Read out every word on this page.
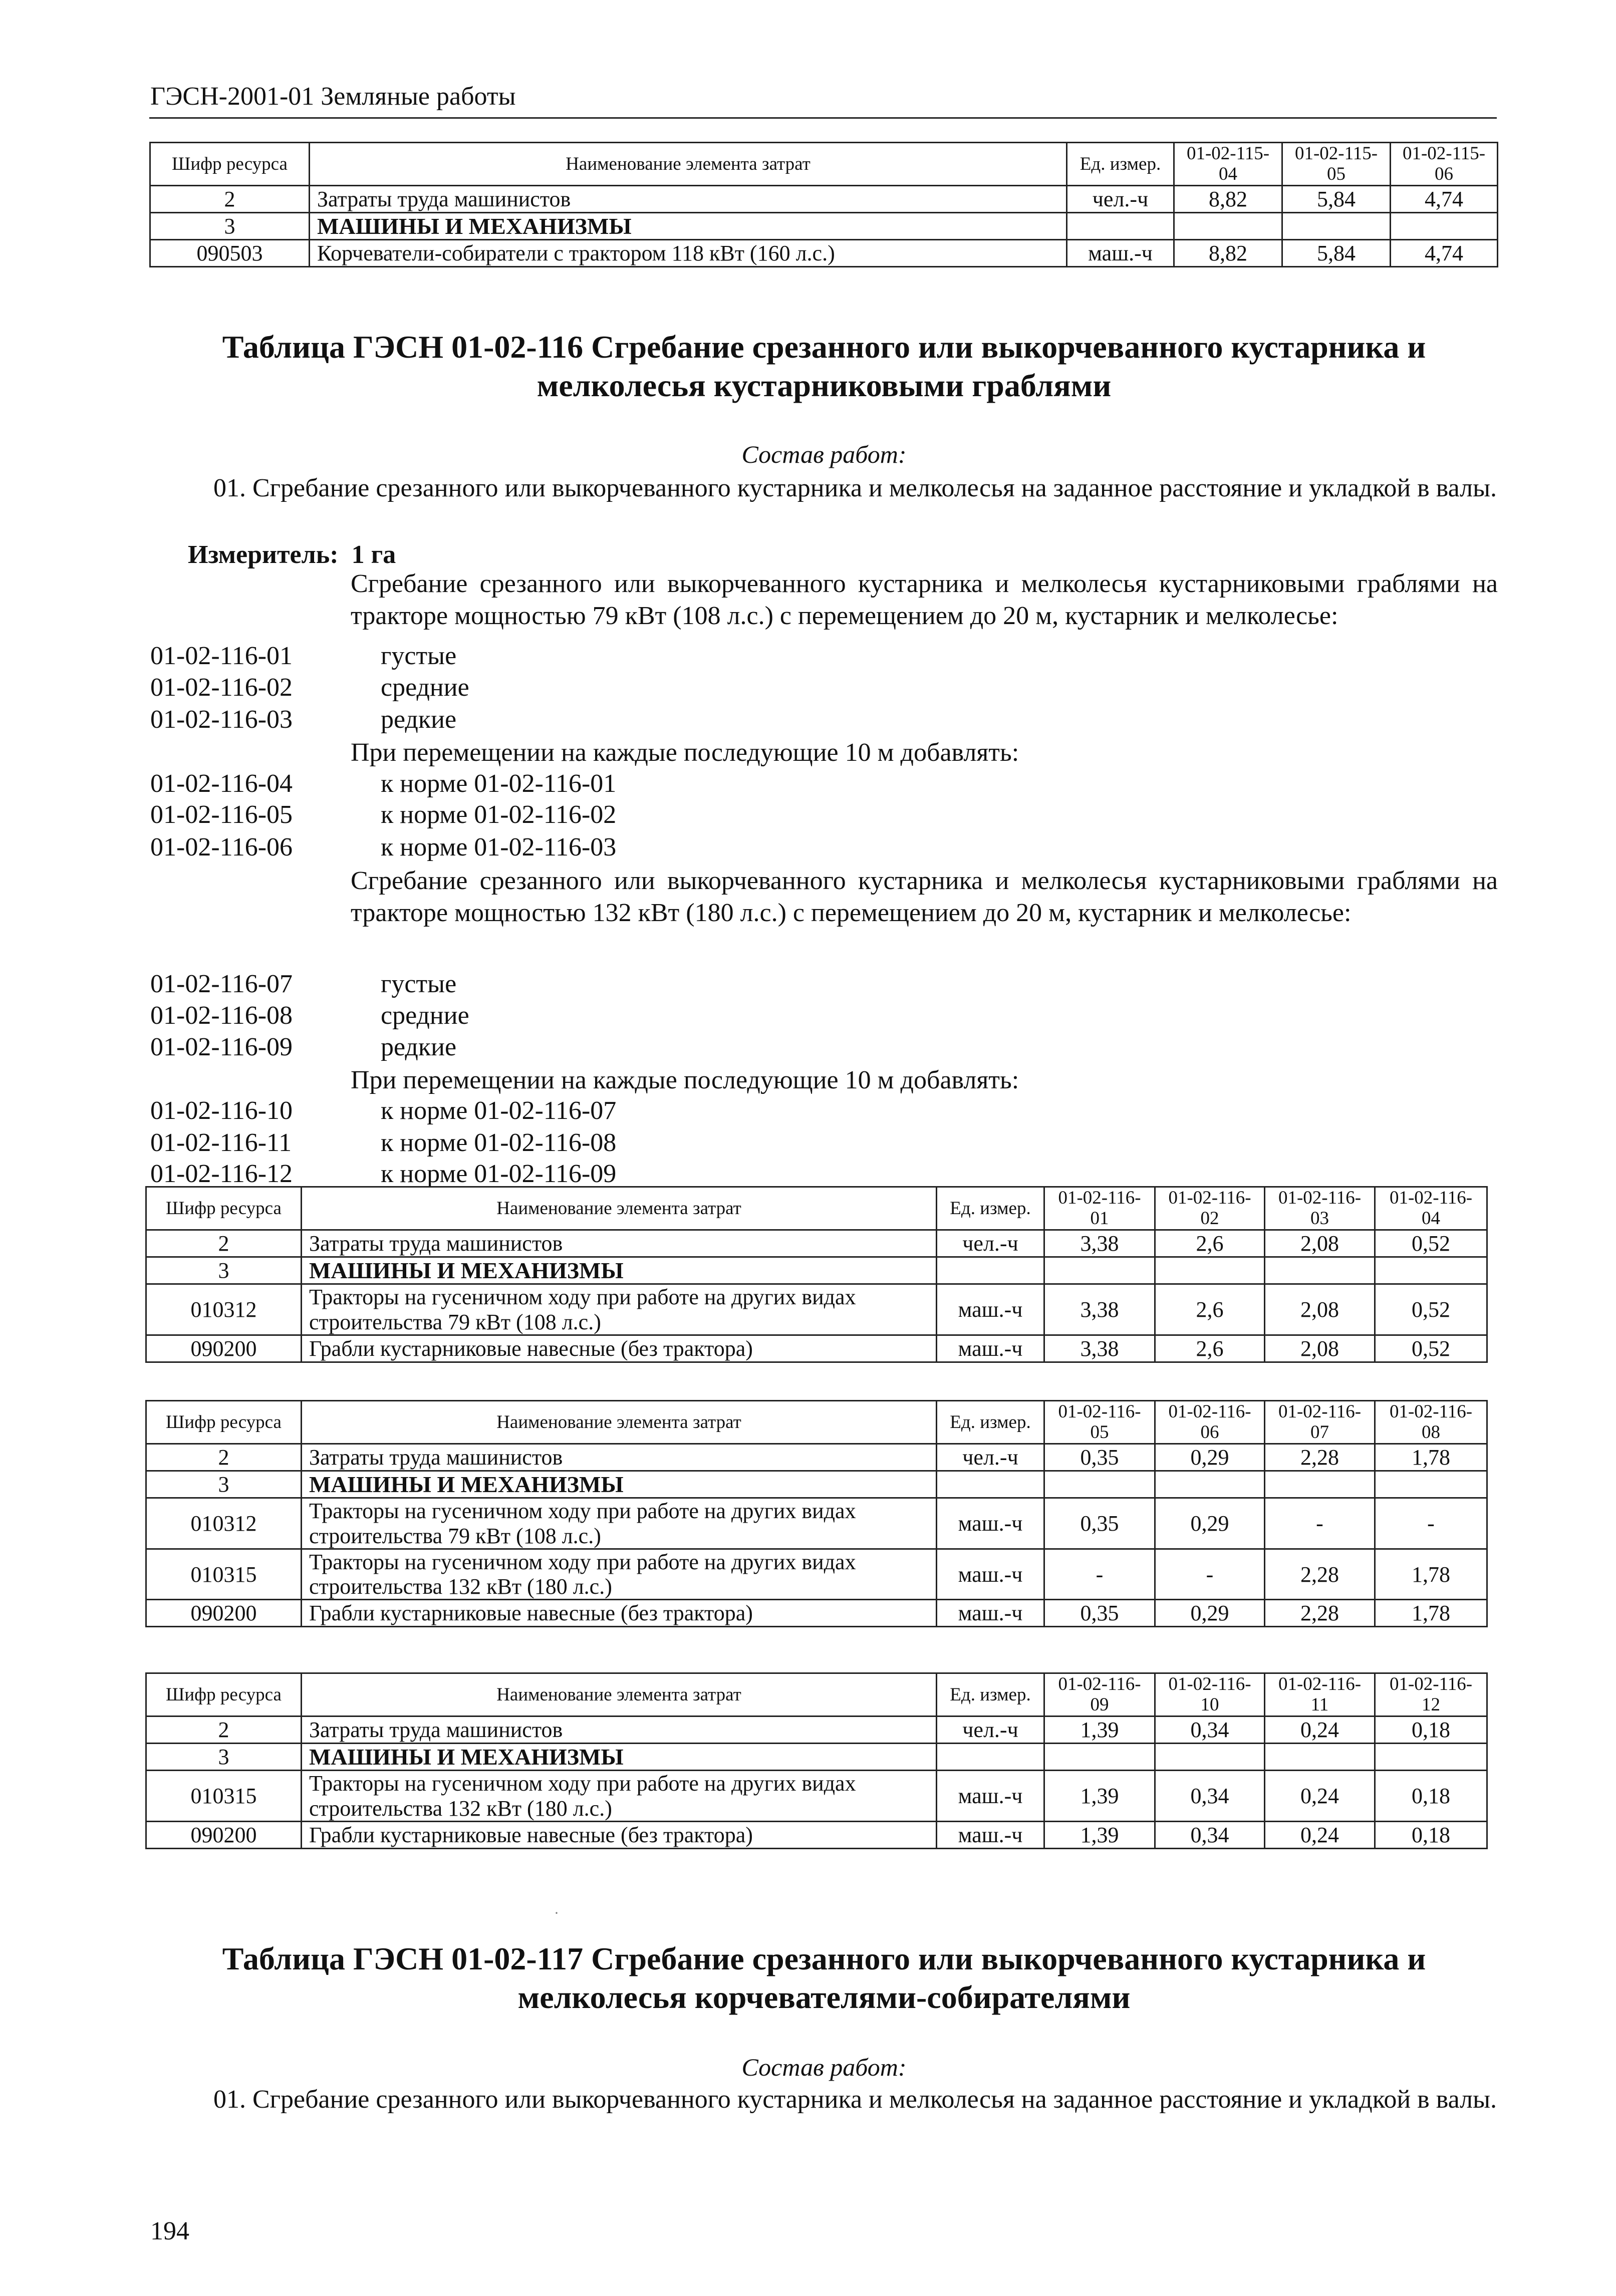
ГЭСН-2001-01 Земляные работы
Шифр ресурса	Наименование элемента затрат	Ед. измер.	01-02-115-04	01-02-115-05	01-02-115-06
2	Затраты труда машинистов	чел.-ч	8,82	5,84	4,74
3	МАШИНЫ И МЕХАНИЗМЫ				
090503	Корчеватели-собиратели с трактором 118 кВт (160 л.с.)	маш.-ч	8,82	5,84	4,74
Таблица ГЭСН 01-02-116 Сгребание срезанного или выкорчеванного кустарника и
мелколесья кустарниковыми граблями
Состав работ:
01. Сгребание срезанного или выкорчеванного кустарника и мелколесья на заданное расстояние и укладкой в валы.
Измеритель: 1 га
Сгребание срезанного или выкорчеванного кустарника и мелколесья кустарниковыми граблями на тракторе мощностью 79 кВт (108 л.с.) с перемещением до 20 м, кустарник и мелколесье:
01-02-116-01	густые
01-02-116-02	средние
01-02-116-03	редкие
При перемещении на каждые последующие 10 м добавлять:
01-02-116-04	к норме 01-02-116-01
01-02-116-05	к норме 01-02-116-02
01-02-116-06	к норме 01-02-116-03
Сгребание срезанного или выкорчеванного кустарника и мелколесья кустарниковыми граблями на тракторе мощностью 132 кВт (180 л.с.) с перемещением до 20 м, кустарник и мелколесье:
01-02-116-07	густые
01-02-116-08	средние
01-02-116-09	редкие
При перемещении на каждые последующие 10 м добавлять:
01-02-116-10	к норме 01-02-116-07
01-02-116-11	к норме 01-02-116-08
01-02-116-12	к норме 01-02-116-09
Шифр ресурса	Наименование элемента затрат	Ед. измер.	01-02-116-01	01-02-116-02	01-02-116-03	01-02-116-04
2	Затраты труда машинистов	чел.-ч	3,38	2,6	2,08	0,52
3	МАШИНЫ И МЕХАНИЗМЫ					
010312	Тракторы на гусеничном ходу при работе на других видах строительства 79 кВт (108 л.с.)	маш.-ч	3,38	2,6	2,08	0,52
090200	Грабли кустарниковые навесные (без трактора)	маш.-ч	3,38	2,6	2,08	0,52
Шифр ресурса	Наименование элемента затрат	Ед. измер.	01-02-116-05	01-02-116-06	01-02-116-07	01-02-116-08
2	Затраты труда машинистов	чел.-ч	0,35	0,29	2,28	1,78
3	МАШИНЫ И МЕХАНИЗМЫ					
010312	Тракторы на гусеничном ходу при работе на других видах строительства 79 кВт (108 л.с.)	маш.-ч	0,35	0,29	-	-
010315	Тракторы на гусеничном ходу при работе на других видах строительства 132 кВт (180 л.с.)	маш.-ч	-	-	2,28	1,78
090200	Грабли кустарниковые навесные (без трактора)	маш.-ч	0,35	0,29	2,28	1,78
Шифр ресурса	Наименование элемента затрат	Ед. измер.	01-02-116-09	01-02-116-10	01-02-116-11	01-02-116-12
2	Затраты труда машинистов	чел.-ч	1,39	0,34	0,24	0,18
3	МАШИНЫ И МЕХАНИЗМЫ					
010315	Тракторы на гусеничном ходу при работе на других видах строительства 132 кВт (180 л.с.)	маш.-ч	1,39	0,34	0,24	0,18
090200	Грабли кустарниковые навесные (без трактора)	маш.-ч	1,39	0,34	0,24	0,18
·
Таблица ГЭСН 01-02-117 Сгребание срезанного или выкорчеванного кустарника и
мелколесья корчевателями-собирателями
Состав работ:
01. Сгребание срезанного или выкорчеванного кустарника и мелколесья на заданное расстояние и укладкой в валы.
194
